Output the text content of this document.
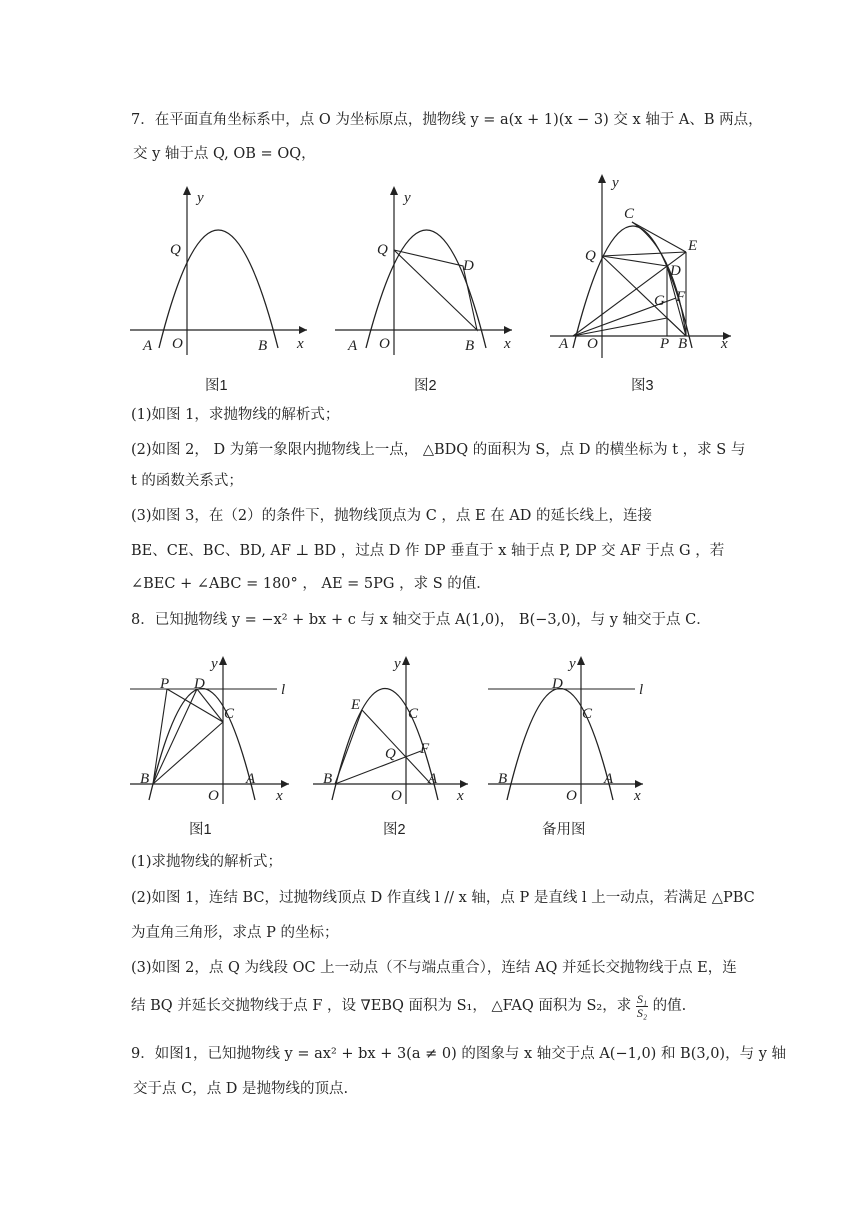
7．在平面直角坐标系中，点 O 为坐标原点，抛物线 y = a(x + 1)(x − 3) 交 x 轴于 A、B 两点，
交 y 轴于点 Q, OB = OQ，
y
Q
A O	B x
图1
y
Q
D
A O	B x
图2
y
C
Q
E
D
F
G
A O	P B x
图3
(1)如图 1，求抛物线的解析式；
(2)如图 2， D 为第一象限内抛物线上一点， △BDQ 的面积为 S，点 D 的横坐标为 t ，求 S 与
t 的函数关系式；
(3)如图 3，在（2）的条件下，抛物线顶点为 C ，点 E 在 AD 的延长线上，连接
BE、CE、BC、BD, AF ⊥ BD ，过点 D 作 DP 垂直于 x 轴于点 P, DP 交 AF 于点 G ，若
∠BEC + ∠ABC = 180° ， AE = 5PG ，求 S 的值．
8．已知抛物线 y = −x² + bx + c 与 x 轴交于点 A(1,0)， B(−3,0)，与 y 轴交于点 C．
y
P D
C
l
B
O
A
x
图1
y
E
C
Q F
B
O
A
x
图2
y
D
C
l
B
O
A
x
备用图
(1)求抛物线的解析式；
(2)如图 1，连结 BC，过抛物线顶点 D 作直线 l // x 轴，点 P 是直线 l 上一动点，若满足 △PBC
为直角三角形，求点 P 的坐标；
(3)如图 2，点 Q 为线段 OC 上一动点（不与端点重合），连结 AQ 并延长交抛物线于点 E，连
结 BQ 并延长交抛物线于点 F ，设 ∇EBQ 面积为 S₁， △FAQ 面积为 S₂，求 $\frac{\text{S₁}}{\text{S₂}}$ 的值.
9．如图1，已知抛物线 y = ax² + bx + 3(a ≠ 0) 的图象与 x 轴交于点 A(−1,0) 和 B(3,0)，与 y 轴
交于点 C，点 D 是抛物线的顶点.
